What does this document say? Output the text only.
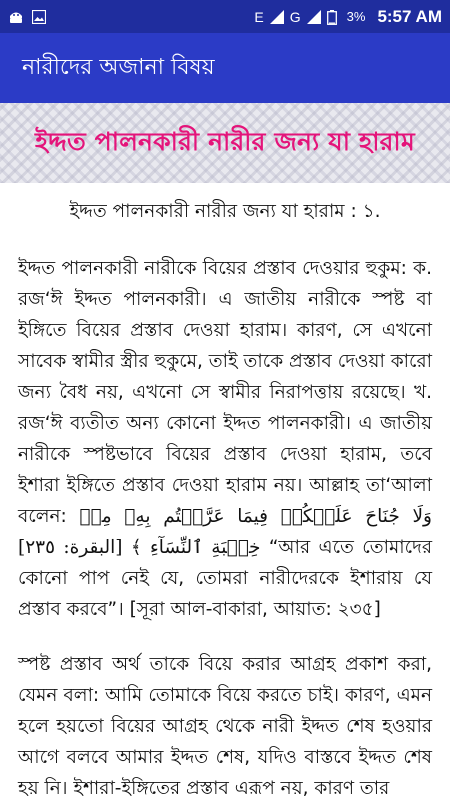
E G	3% 5:57 AM
নারীদের অজানা বিষয়
ইদ্দত পালনকারী নারীর জন্য যা হারাম
ইদ্দত পালনকারী নারীর জন্য যা হারাম : ১.

ইদ্দত পালনকারী নারীকে বিয়ের প্রস্তাব দেওয়ার হুকুম: ক. রজ‘ঈ ইদ্দত পালনকারী। এ জাতীয় নারীকে স্পষ্ট বা ইঙ্গিতে বিয়ের প্রস্তাব দেওয়া হারাম। কারণ, সে এখনো সাবেক স্বামীর স্ত্রীর হুকুমে, তাই তাকে প্রস্তাব দেওয়া কারো জন্য বৈধ নয়, এখনো সে স্বামীর নিরাপত্তায় রয়েছে। খ. রজ‘ঈ ব্যতীত অন্য কোনো ইদ্দত পালনকারী। এ জাতীয় নারীকে স্পষ্টভাবে বিয়ের প্রস্তাব দেওয়া হারাম, তবে ইশারা ইঙ্গিতে প্রস্তাব দেওয়া হারাম নয়। আল্লাহ তা‘আলা বলেন: وَلَا جُنَاحَ عَلَيۡكُمۡ فِيمَا عَرَّضۡتُم بِهِۦ مِنۡ خِطۡبَةِ ٱلنِّسَآءِ ﴾ [البقرة: ٢٣٥] “আর এতে তোমাদের কোনো পাপ নেই যে, তোমরা নারীদেরকে ইশারায় যে প্রস্তাব করবে”। [সূরা আল-বাকারা, আয়াত: ২৩৫]

স্পষ্ট প্রস্তাব অর্থ তাকে বিয়ে করার আগ্রহ প্রকাশ করা, যেমন বলা: আমি তোমাকে বিয়ে করতে চাই। কারণ, এমন হলে হয়তো বিয়ের আগ্রহ থেকে নারী ইদ্দত শেষ হওয়ার আগে বলবে আমার ইদ্দত শেষ, যদিও বাস্তবে ইদ্দত শেষ হয় নি। ইশারা-ইঙ্গিতের প্রস্তাব এরূপ নয়, কারণ তার
